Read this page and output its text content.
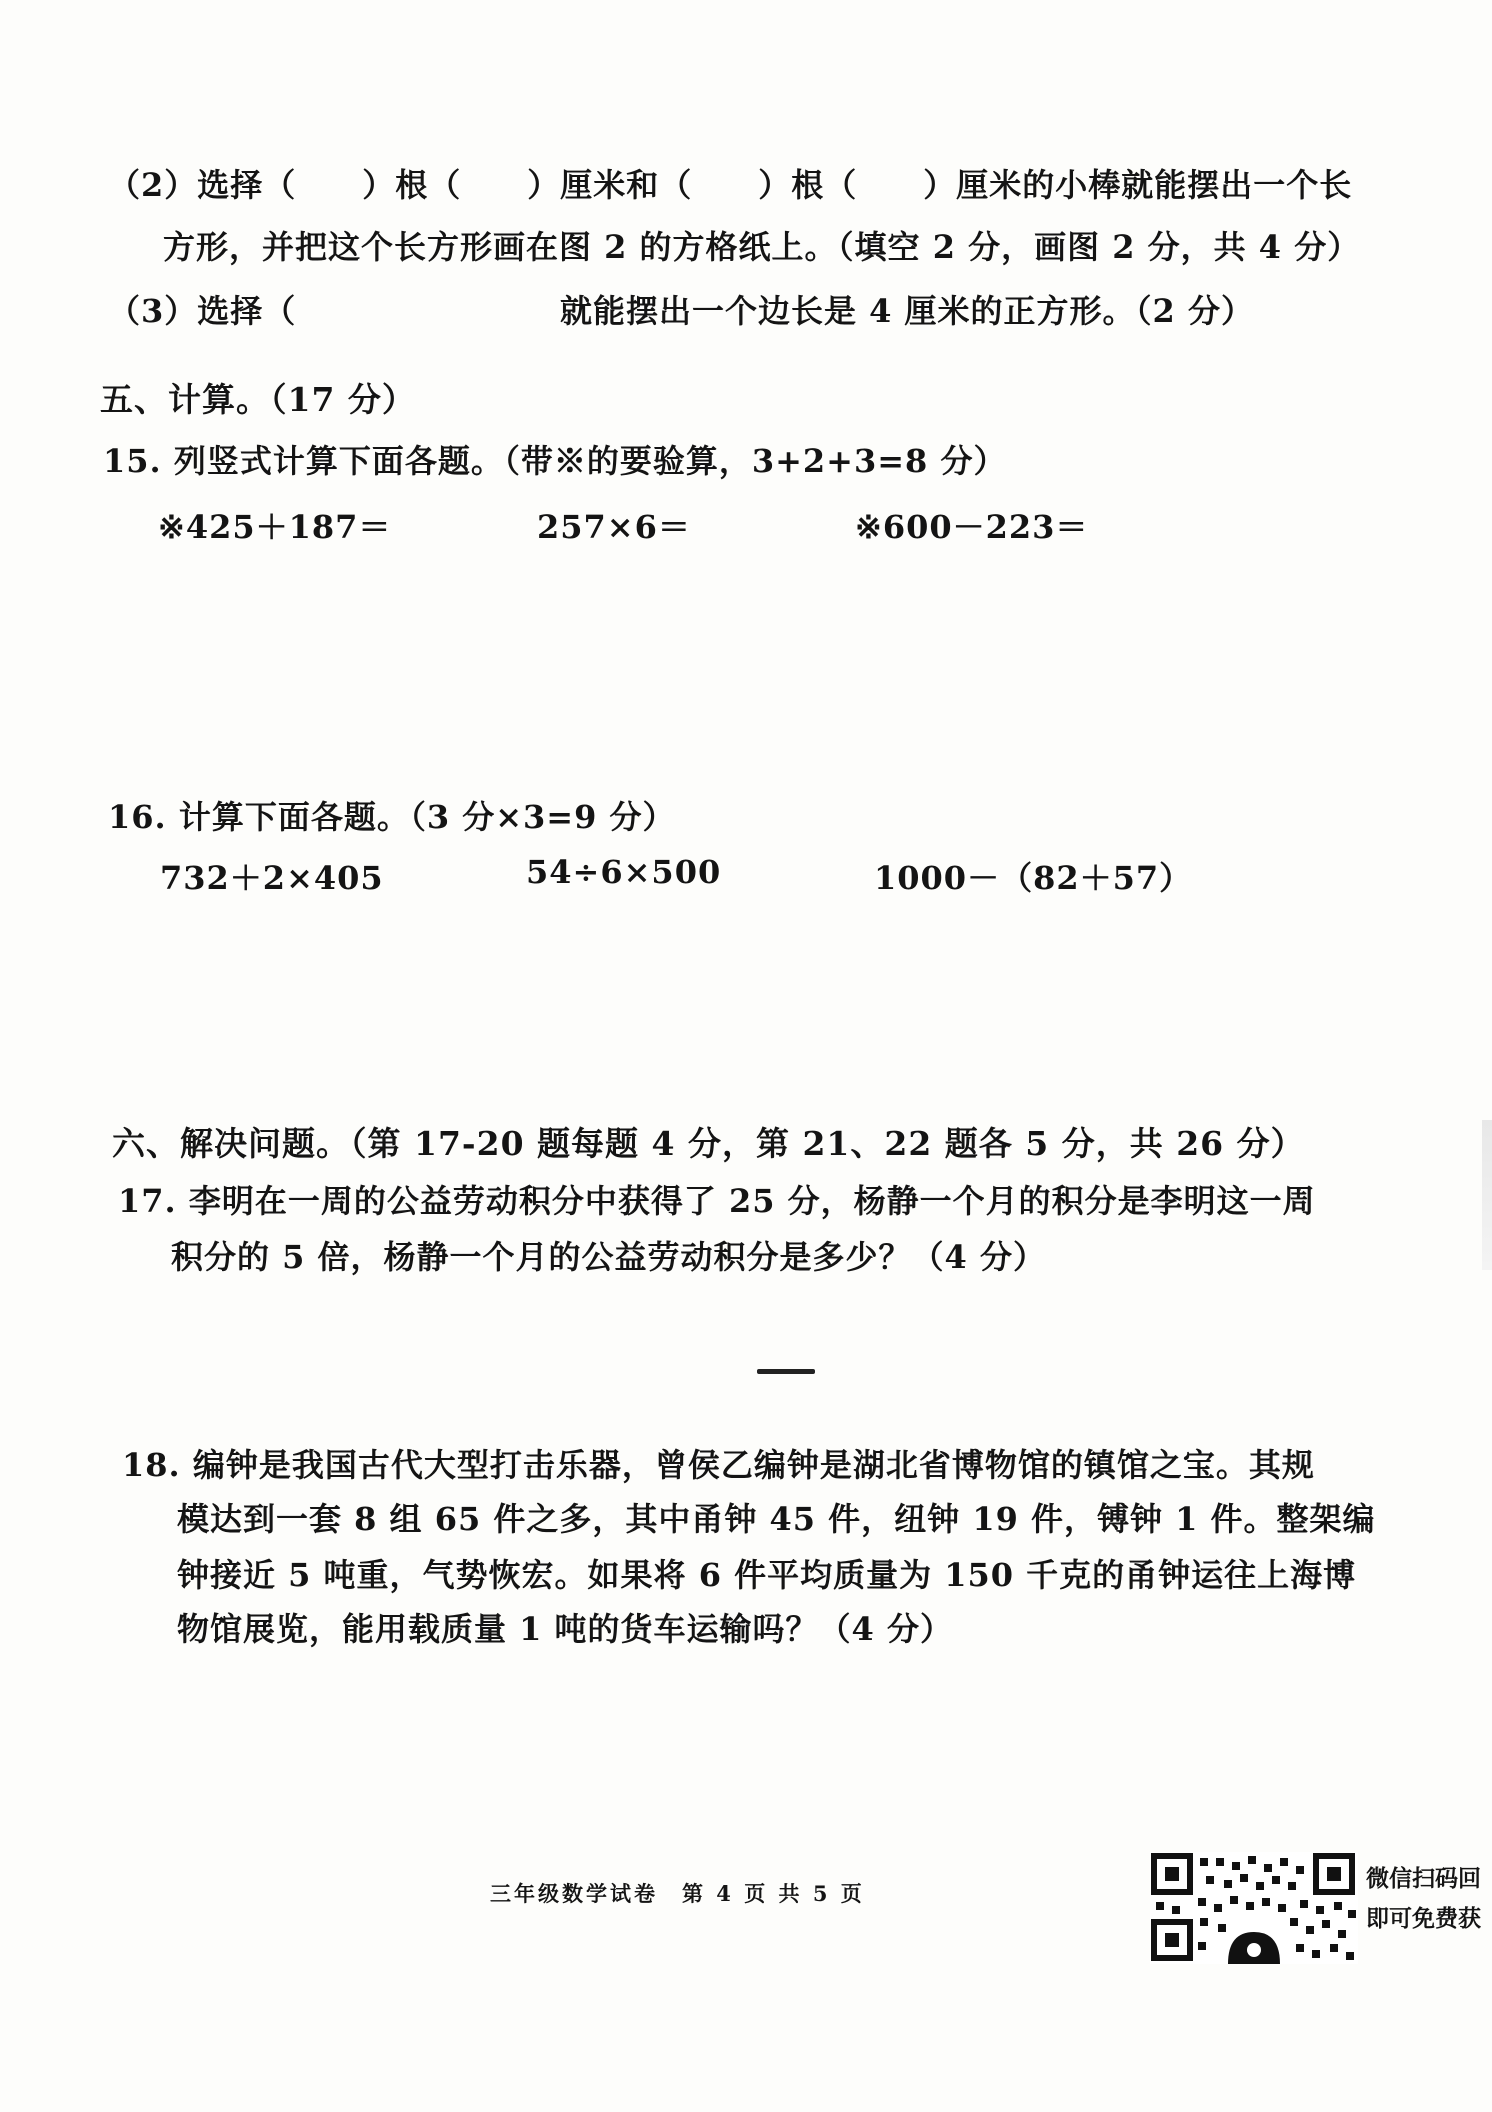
（2）选择（　　）根（　　）厘米和（　　）根（　　）厘米的小棒就能摆出一个长
方形，并把这个长方形画在图 2 的方格纸上。（填空 2 分，画图 2 分，共 4 分）
（3）选择（	就能摆出一个边长是 4 厘米的正方形。（2 分）
五、计算。（17 分）
15. 列竖式计算下面各题。（带※的要验算，3+2+3=8 分）
※425＋187＝	257×6＝	※600－223＝
16. 计算下面各题。（3 分×3=9 分）
732＋2×405	54÷6×500	1000－（82＋57）
六、解决问题。（第 17-20 题每题 4 分，第 21、22 题各 5 分，共 26 分）
17. 李明在一周的公益劳动积分中获得了 25 分，杨静一个月的积分是李明这一周
积分的 5 倍，杨静一个月的公益劳动积分是多少？（4 分）
18. 编钟是我国古代大型打击乐器，曾侯乙编钟是湖北省博物馆的镇馆之宝。其规
模达到一套 8 组 65 件之多，其中甬钟 45 件，纽钟 19 件，镈钟 1 件。整架编
钟接近 5 吨重，气势恢宏。如果将 6 件平均质量为 150 千克的甬钟运往上海博
物馆展览，能用载质量 1 吨的货车运输吗？（4 分）
三年级数学试卷　第 4 页 共 5 页
微信扫码回
即可免费获
